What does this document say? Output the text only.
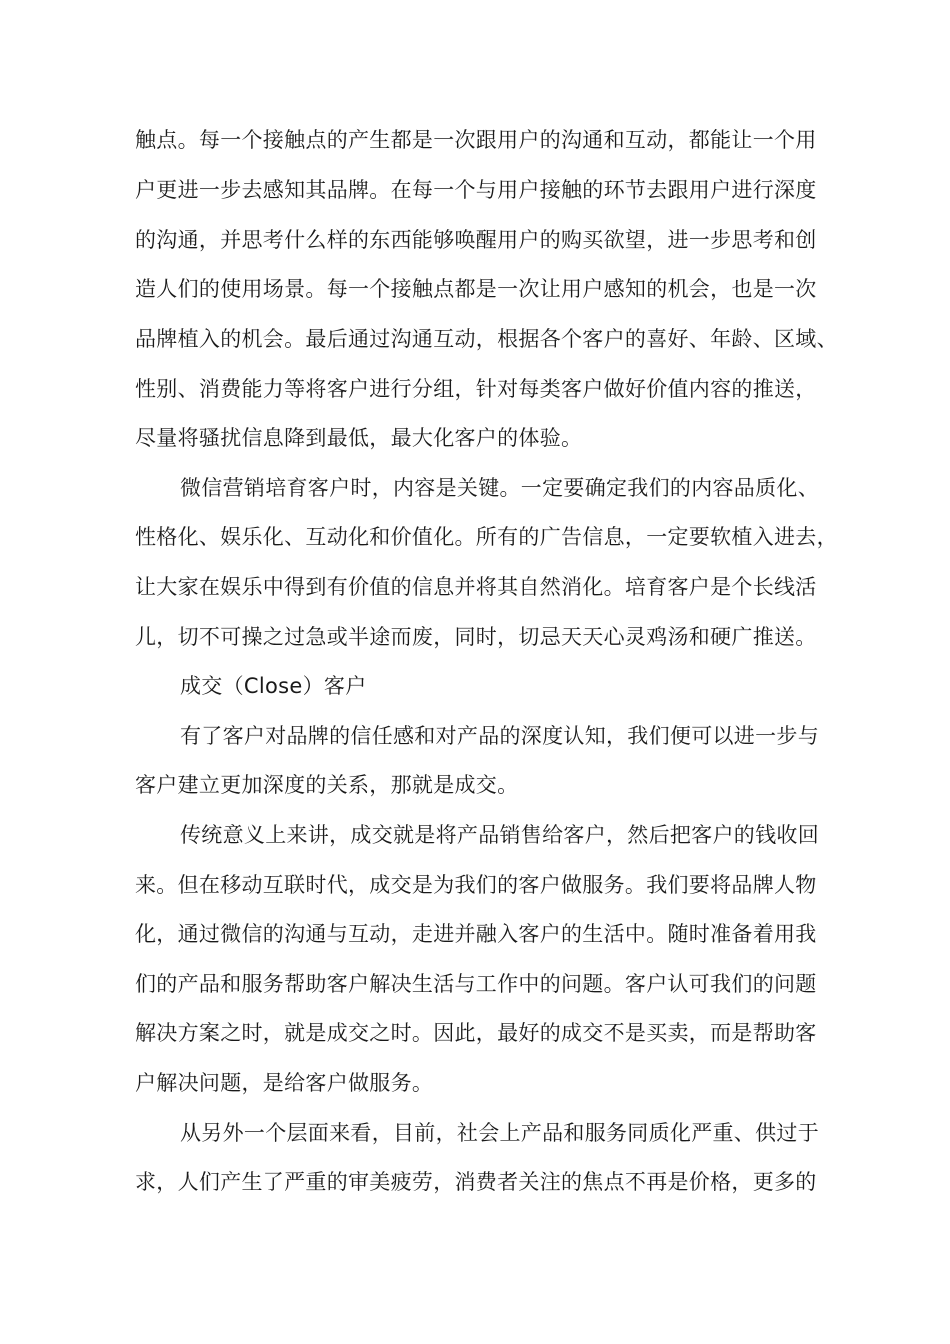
触点。每一个接触点的产生都是一次跟用户的沟通和互动，都能让一个用
户更进一步去感知其品牌。在每一个与用户接触的环节去跟用户进行深度
的沟通，并思考什么样的东西能够唤醒用户的购买欲望，进一步思考和创
造人们的使用场景。每一个接触点都是一次让用户感知的机会，也是一次
品牌植入的机会。最后通过沟通互动，根据各个客户的喜好、年龄、区域、
性别、消费能力等将客户进行分组，针对每类客户做好价值内容的推送，
尽量将骚扰信息降到最低，最大化客户的体验。
微信营销培育客户时，内容是关键。一定要确定我们的内容品质化、
性格化、娱乐化、互动化和价值化。所有的广告信息，一定要软植入进去，
让大家在娱乐中得到有价值的信息并将其自然消化。培育客户是个长线活
儿，切不可操之过急或半途而废，同时，切忌天天心灵鸡汤和硬广推送。
成交（Close）客户
有了客户对品牌的信任感和对产品的深度认知，我们便可以进一步与
客户建立更加深度的关系，那就是成交。
传统意义上来讲，成交就是将产品销售给客户，然后把客户的钱收回
来。但在移动互联时代，成交是为我们的客户做服务。我们要将品牌人物
化，通过微信的沟通与互动，走进并融入客户的生活中。随时准备着用我
们的产品和服务帮助客户解决生活与工作中的问题。客户认可我们的问题
解决方案之时，就是成交之时。因此，最好的成交不是买卖，而是帮助客
户解决问题，是给客户做服务。
从另外一个层面来看，目前，社会上产品和服务同质化严重、供过于
求，人们产生了严重的审美疲劳，消费者关注的焦点不再是价格，更多的
